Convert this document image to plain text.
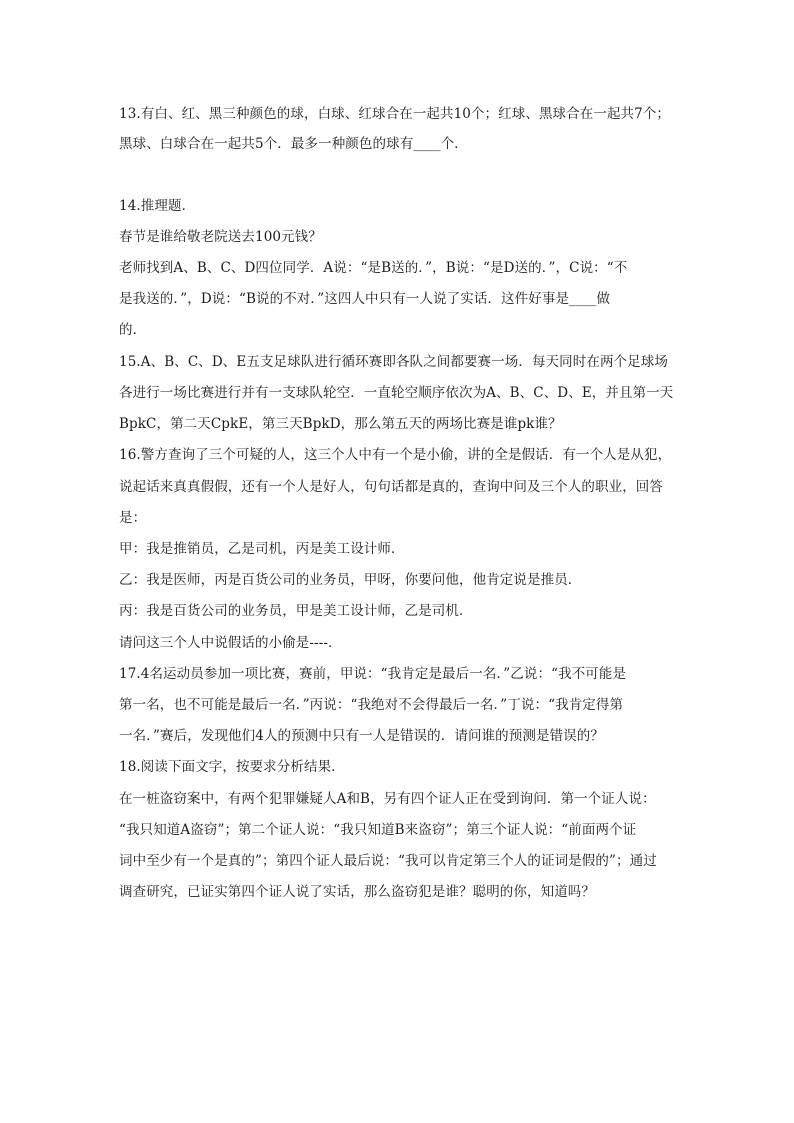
13.有白、红、黑三种颜色的球，白球、红球合在一起共10个；红球、黑球合在一起共7个；
黑球、白球合在一起共5个．最多一种颜色的球有____个．
14.推理题．
春节是谁给敬老院送去100元钱？
老师找到A、B、C、D四位同学．A说：“是B送的．”，B说：“是D送的．”，C说：“不
是我送的．”，D说：“B说的不对．”这四人中只有一人说了实话．这件好事是____做
的．
15.A、B、C、D、E五支足球队进行循环赛即各队之间都要赛一场．每天同时在两个足球场
各进行一场比赛进行并有一支球队轮空．一直轮空顺序依次为A、B、C、D、E，并且第一天
BpkC，第二天CpkE，第三天BpkD，那么第五天的两场比赛是谁pk谁？
16.警方查询了三个可疑的人，这三个人中有一个是小偷，讲的全是假话．有一个人是从犯，
说起话来真真假假，还有一个人是好人，句句话都是真的，查询中问及三个人的职业，回答
是：
甲：我是推销员，乙是司机，丙是美工设计师．
乙：我是医师，丙是百货公司的业务员，甲呀，你要问他，他肯定说是推员．
丙：我是百货公司的业务员，甲是美工设计师，乙是司机．
请问这三个人中说假话的小偷是----．
17.4名运动员参加一项比赛，赛前，甲说：“我肯定是最后一名．”乙说：“我不可能是
第一名，也不可能是最后一名．”丙说：“我绝对不会得最后一名．”丁说：“我肯定得第
一名．”赛后，发现他们4人的预测中只有一人是错误的．请问谁的预测是错误的？
18.阅读下面文字，按要求分析结果．
在一桩盗窃案中，有两个犯罪嫌疑人A和B，另有四个证人正在受到询问．第一个证人说：
“我只知道A盗窃”；第二个证人说：“我只知道B来盗窃”；第三个证人说：“前面两个证
词中至少有一个是真的”；第四个证人最后说：“我可以肯定第三个人的证词是假的”；通过
调查研究，已证实第四个证人说了实话，那么盗窃犯是谁？聪明的你，知道吗？
